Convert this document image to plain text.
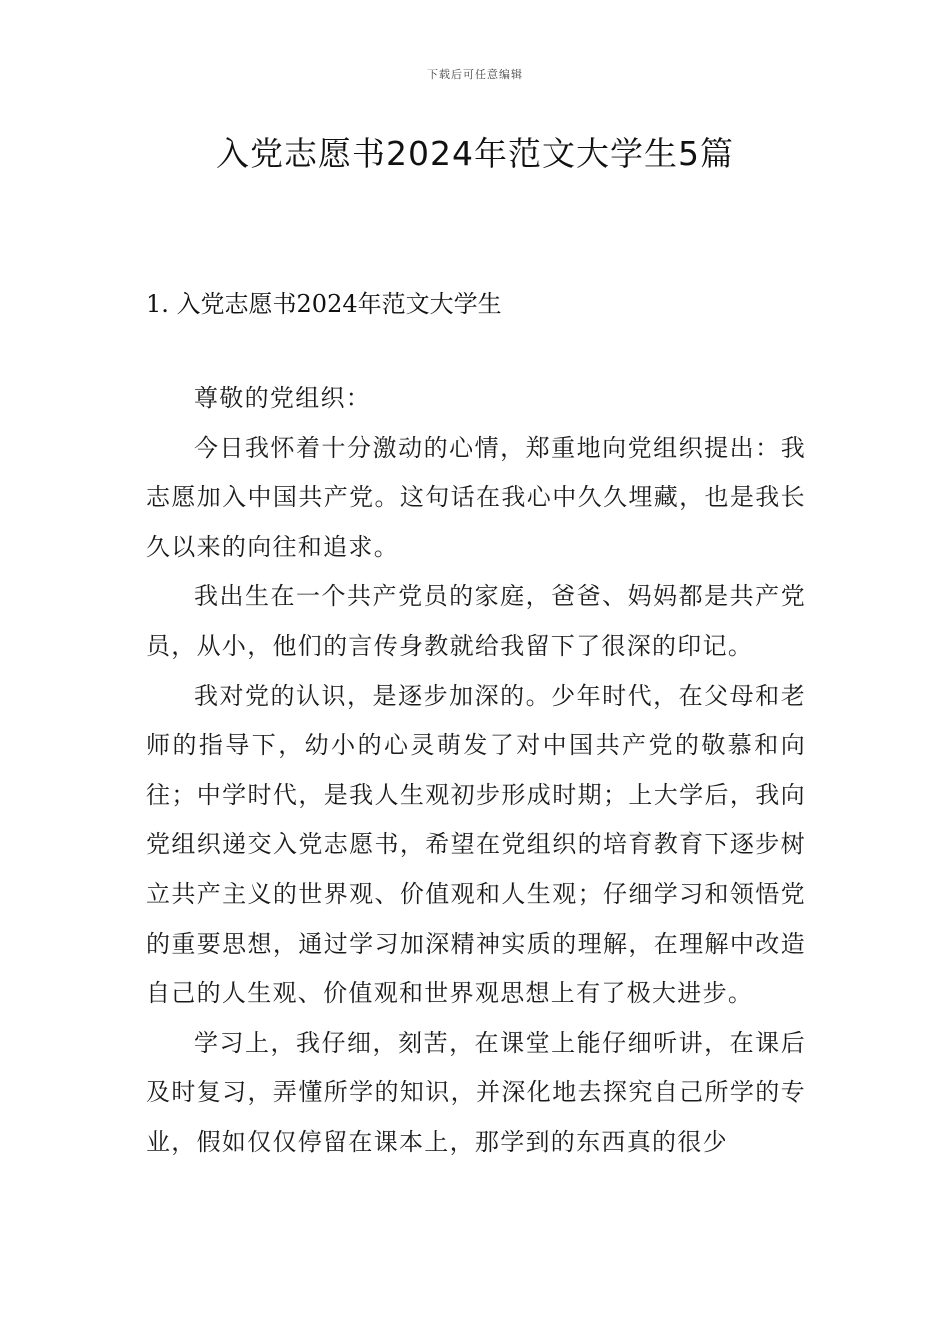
下载后可任意编辑
入党志愿书2024年范文大学生5篇
1. 入党志愿书2024年范文大学生

尊敬的党组织：

今日我怀着十分激动的心情，郑重地向党组织提出：我志愿加入中国共产党。这句话在我心中久久埋藏，也是我长久以来的向往和追求。

我出生在一个共产党员的家庭，爸爸、妈妈都是共产党员，从小，他们的言传身教就给我留下了很深的印记。

我对党的认识，是逐步加深的。少年时代，在父母和老师的指导下，幼小的心灵萌发了对中国共产党的敬慕和向往；中学时代，是我人生观初步形成时期；上大学后，我向党组织递交入党志愿书，希望在党组织的培育教育下逐步树立共产主义的世界观、价值观和人生观；仔细学习和领悟党的重要思想，通过学习加深精神实质的理解，在理解中改造自己的人生观、价值观和世界观思想上有了极大进步。

学习上，我仔细，刻苦，在课堂上能仔细听讲，在课后及时复习，弄懂所学的知识，并深化地去探究自己所学的专业，假如仅仅停留在课本上，那学到的东西真的很少
